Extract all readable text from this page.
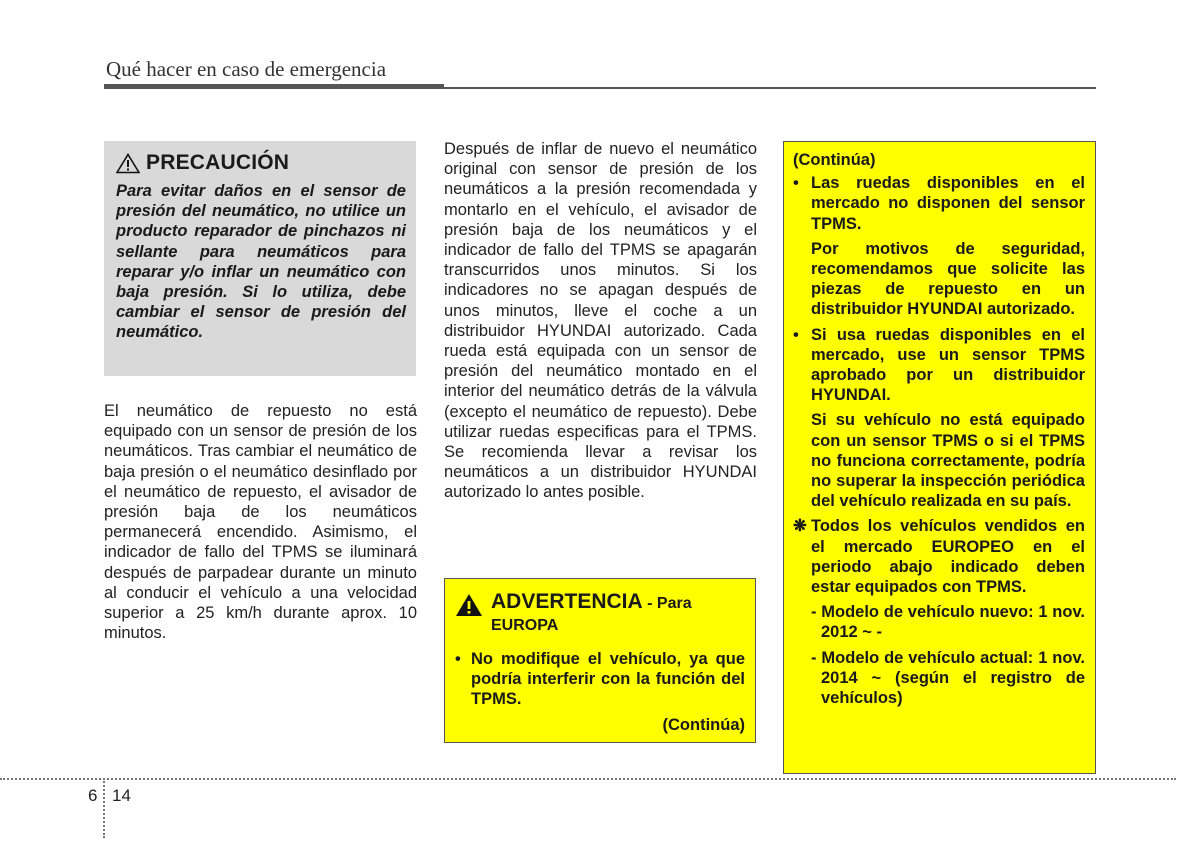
Qué hacer en caso de emergencia
PRECAUCIÓN
Para evitar daños en el sensor de presión del neumático, no utilice un producto reparador de pinchazos ni sellante para neumáticos para reparar y/o inflar un neumático con baja presión. Si lo utiliza, debe cambiar el sensor de presión del neumático.
El neumático de repuesto no está equipado con un sensor de presión de los neumáticos. Tras cambiar el neumático de baja presión o el neumático desinflado por el neumático de repuesto, el avisador de presión baja de los neumáticos permanecerá encendido. Asimismo, el indicador de fallo del TPMS se iluminará después de parpadear durante un minuto al conducir el vehículo a una velocidad superior a 25 km/h durante aprox. 10 minutos.
Después de inflar de nuevo el neumático original con sensor de presión de los neumáticos a la presión recomendada y montarlo en el vehículo, el avisador de presión baja de los neumáticos y el indicador de fallo del TPMS se apagarán transcurridos unos minutos. Si los indicadores no se apagan después de unos minutos, lleve el coche a un distribuidor HYUNDAI autorizado. Cada rueda está equipada con un sensor de presión del neumático montado en el interior del neumático detrás de la válvula (excepto el neumático de repuesto). Debe utilizar ruedas especificas para el TPMS. Se recomienda llevar a revisar los neumáticos a un distribuidor HYUNDAI autorizado lo antes posible.
ADVERTENCIA - Para
EUROPA
• No modifique el vehículo, ya que podría interferir con la función del TPMS.
(Continúa)
(Continúa)
• Las ruedas disponibles en el mercado no disponen del sensor TPMS.
Por motivos de seguridad, recomendamos que solicite las piezas de repuesto en un distribuidor HYUNDAI autorizado.
• Si usa ruedas disponibles en el mercado, use un sensor TPMS aprobado por un distribuidor HYUNDAI.
Si su vehículo no está equipado con un sensor TPMS o si el TPMS no funciona correctamente, podría no superar la inspección periódica del vehículo realizada en su país.
❋ Todos los vehículos vendidos en el mercado EUROPEO en el periodo abajo indicado deben estar equipados con TPMS.
- Modelo de vehículo nuevo: 1 nov. 2012 ~ -
- Modelo de vehículo actual: 1 nov. 2014 ~ (según el registro de vehículos)
6 14
